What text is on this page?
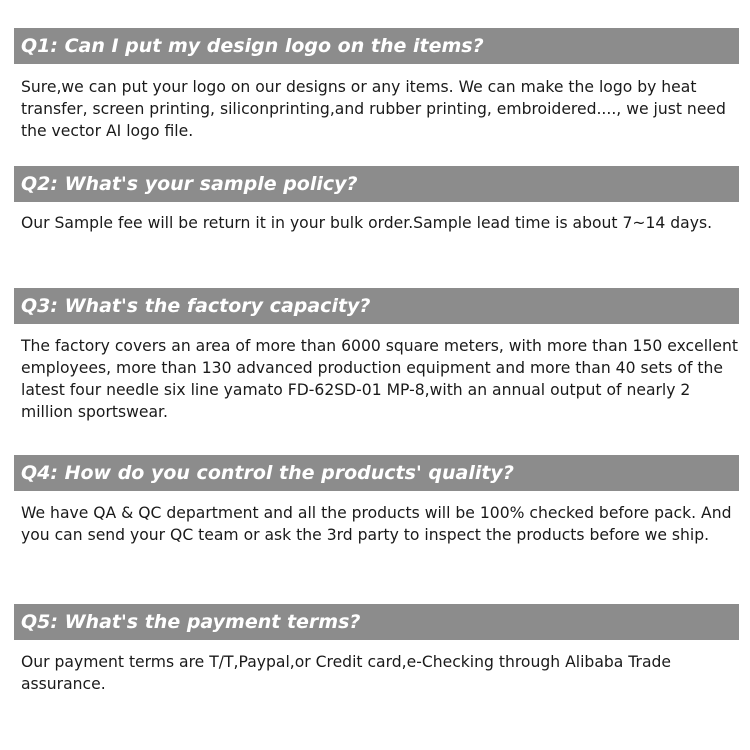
Q1: Can I put my design logo on the items?

Sure,we can put your logo on our designs or any items. We can make the logo by heat transfer, screen printing, siliconprinting,and rubber printing, embroidered...., we just need the vector AI logo file.

Q2: What's your sample policy?

Our Sample fee will be return it in your bulk order.Sample lead time is about 7~14 days.

Q3: What's the factory capacity?

The factory covers an area of more than 6000 square meters, with more than 150 excellent employees, more than 130 advanced production equipment and more than 40 sets of the latest four needle six line yamato FD-62SD-01 MP-8,with an annual output of nearly 2 million sportswear.

Q4: How do you control the products' quality?

We have QA & QC department and all the products will be 100% checked before pack. And you can send your QC team or ask the 3rd party to inspect the products before we ship.

Q5: What's the payment terms?

Our payment terms are T/T,Paypal,or Credit card,e-Checking through Alibaba Trade assurance.
